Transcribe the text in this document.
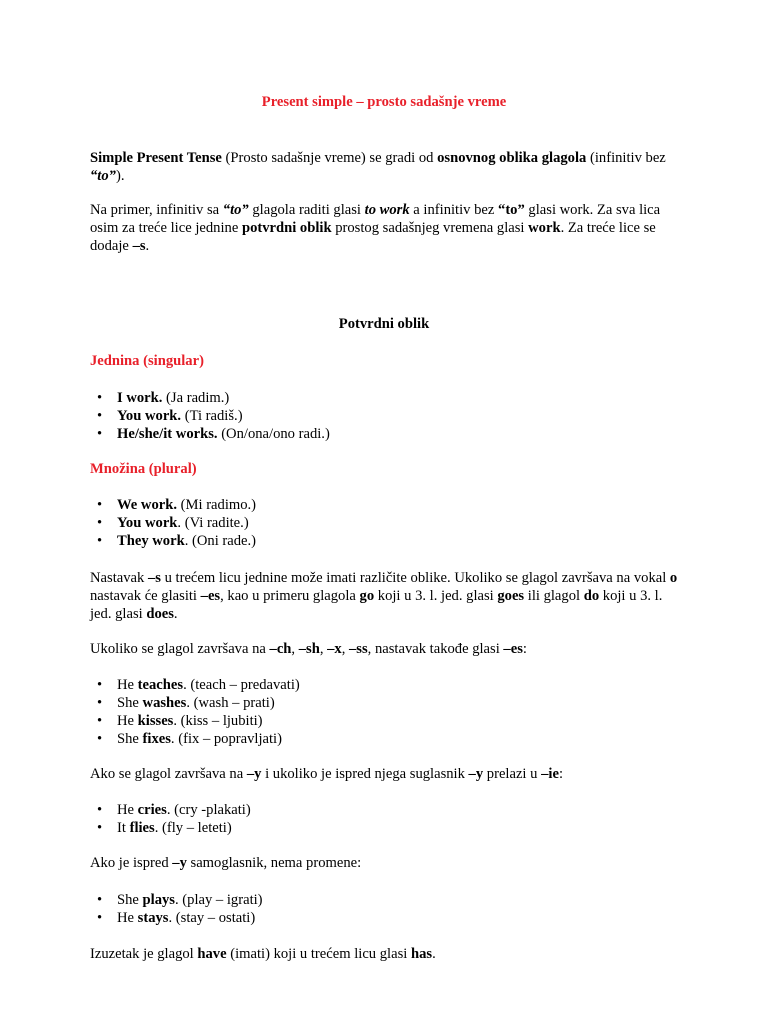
Present simple – prosto sadašnje vreme

Simple Present Tense (Prosto sadašnje vreme) se gradi od osnovnog oblika glagola (infinitiv bez “to”).

Na primer, infinitiv sa “to” glagola raditi glasi to work a infinitiv bez “to” glasi work. Za sva lica osim za treće lice jednine potvrdni oblik prostog sadašnjeg vremena glasi work. Za treće lice se dodaje –s.

Potvrdni oblik

Jednina (singular)

• I work. (Ja radim.)
• You work. (Ti radiš.)
• He/she/it works. (On/ona/ono radi.)

Množina (plural)

• We work. (Mi radimo.)
• You work. (Vi radite.)
• They work. (Oni rade.)

Nastavak –s u trećem licu jednine može imati različite oblike. Ukoliko se glagol završava na vokal o nastavak će glasiti –es, kao u primeru glagola go koji u 3. l. jed. glasi goes ili glagol do koji u 3. l. jed. glasi does.

Ukoliko se glagol završava na –ch, –sh, –x, –ss, nastavak takođe glasi –es:

• He teaches. (teach – predavati)
• She washes. (wash – prati)
• He kisses. (kiss – ljubiti)
• She fixes. (fix – popravljati)

Ako se glagol završava na –y i ukoliko je ispred njega suglasnik –y prelazi u –ie:

• He cries. (cry -plakati)
• It flies. (fly – leteti)

Ako je ispred –y samoglasnik, nema promene:

• She plays. (play – igrati)
• He stays. (stay – ostati)

Izuzetak je glagol have (imati) koji u trećem licu glasi has.
